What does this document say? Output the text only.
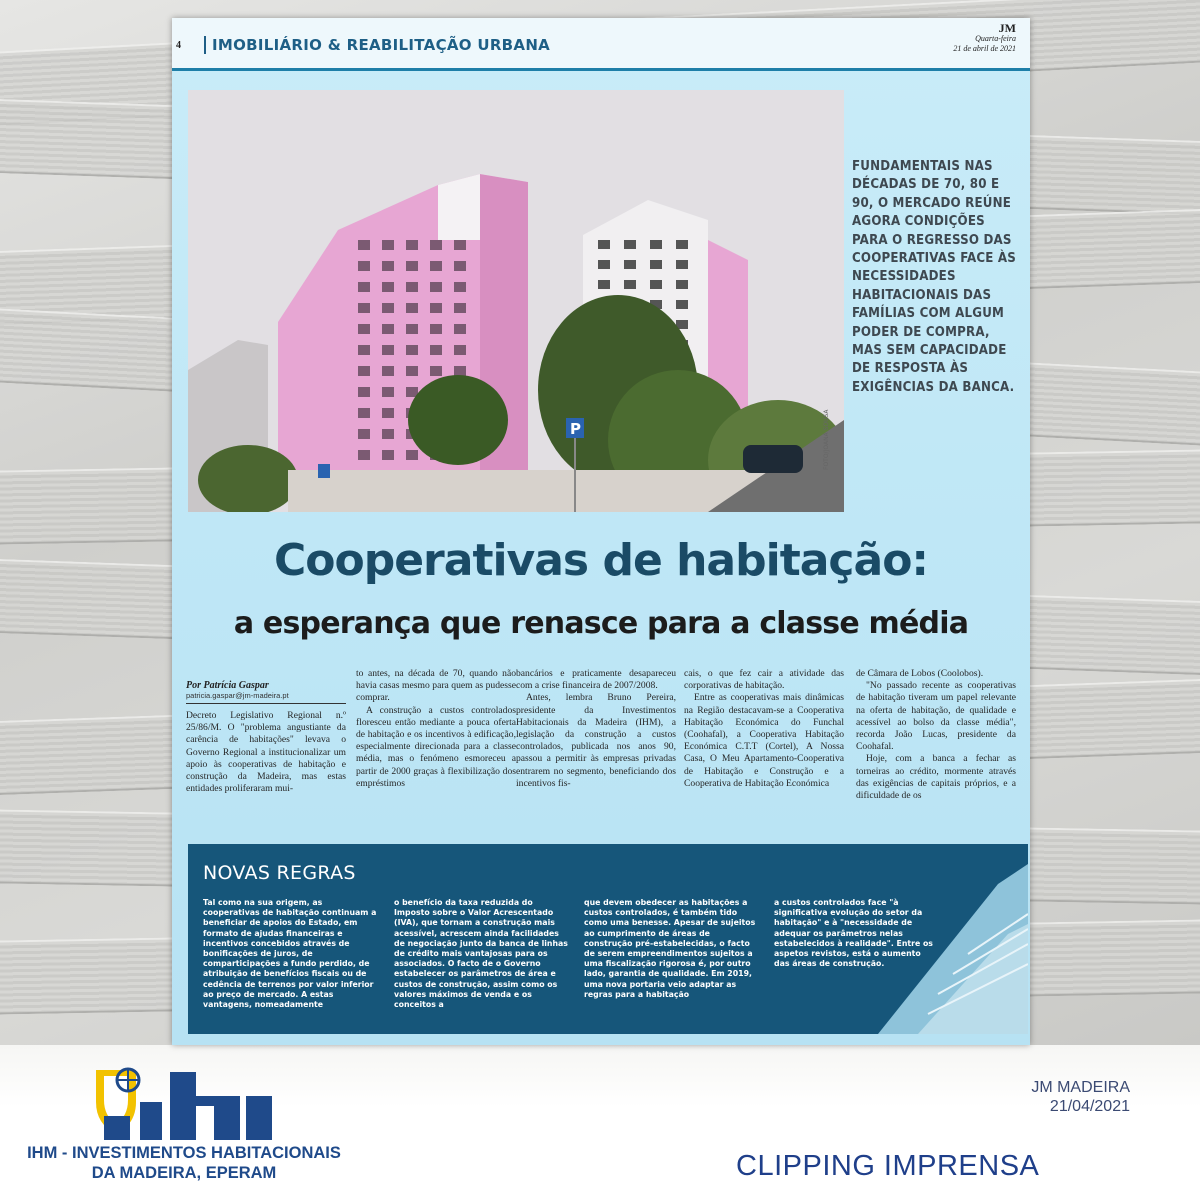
4	IMOBILIÁRIO & REABILITAÇÃO URBANA
JM
Quarta-feira
21 de abril de 2021
P	FOTO/JOANA SOUSA
FUNDAMENTAIS NAS DÉCADAS DE 70, 80 E 90, O MERCADO REÚNE AGORA CONDIÇÕES PARA O REGRESSO DAS COOPERATIVAS FACE ÀS NECESSIDADES HABITACIONAIS DAS FAMÍLIAS COM ALGUM PODER DE COMPRA, MAS SEM CAPACIDADE DE RESPOSTA ÀS EXIGÊNCIAS DA BANCA.
Cooperativas de habitação:
a esperança que renasce para a classe média
Por Patrícia Gaspar
patricia.gaspar@jm-madeira.pt

Decreto Legislativo Regional n.º 25/86/M. O "problema angustiante da carência de habitações" levava o Governo Regional a institucionalizar um apoio às cooperativas de habitação e construção da Madeira, mas estas entidades proliferaram mui-

to antes, na década de 70, quando não havia casas mesmo para quem as pudesse comprar.

A construção a custos controlados floresceu então mediante a pouca oferta de habitação e os incentivos à edificação, especialmente direcionada para a classe média, mas o fenómeno esmoreceu a partir de 2000 graças à flexibilização dos empréstimos

bancários e praticamente desapareceu com a crise financeira de 2007/2008.

Antes, lembra Bruno Pereira, presidente da Investimentos Habitacionais da Madeira (IHM), a legislação da construção a custos controlados, publicada nos anos 90, passou a permitir às empresas privadas entrarem no segmento, beneficiando dos incentivos fis-

cais, o que fez cair a atividade das corporativas de habitação.

Entre as cooperativas mais dinâmicas na Região destacavam-se a Cooperativa Habitação Económica do Funchal (Coohafal), a Cooperativa Habitação Económica C.T.T (Cortel), A Nossa Casa, O Meu Apartamento-Cooperativa de Habitação e Construção e a Cooperativa de Habitação Económica

de Câmara de Lobos (Coolobos).

"No passado recente as cooperativas de habitação tiveram um papel relevante na oferta de habitação, de qualidade e acessível ao bolso da classe média", recorda João Lucas, presidente da Coohafal.

Hoje, com a banca a fechar as torneiras ao crédito, mormente através das exigências de capitais próprios, e a dificuldade de os

NOVAS REGRAS
Tal como na sua origem, as cooperativas de habitação continuam a beneficiar de apoios do Estado, em formato de ajudas financeiras e incentivos concebidos através de bonificações de juros, de comparticipações a fundo perdido, de atribuição de benefícios fiscais ou de cedência de terrenos por valor inferior ao preço de mercado. A estas vantagens, nomeadamente
o benefício da taxa reduzida do Imposto sobre o Valor Acrescentado (IVA), que tornam a construção mais acessível, acrescem ainda facilidades de negociação junto da banca de linhas de crédito mais vantajosas para os associados. O facto de o Governo estabelecer os parâmetros de área e custos de construção, assim como os valores máximos de venda e os conceitos a
que devem obedecer as habitações a custos controlados, é também tido como uma benesse. Apesar de sujeitos ao cumprimento de áreas de construção pré-estabelecidas, o facto de serem empreendimentos sujeitos a uma fiscalização rigorosa é, por outro lado, garantia de qualidade. Em 2019, uma nova portaria veio adaptar as regras para a habitação
a custos controlados face "à significativa evolução do setor da habitação" e à "necessidade de adequar os parâmetros nelas estabelecidos à realidade". Entre os aspetos revistos, está o aumento das áreas de construção.
IHM - INVESTIMENTOS HABITACIONAIS
DA MADEIRA, EPERAM
JM MADEIRA
21/04/2021
CLIPPING IMPRENSA
